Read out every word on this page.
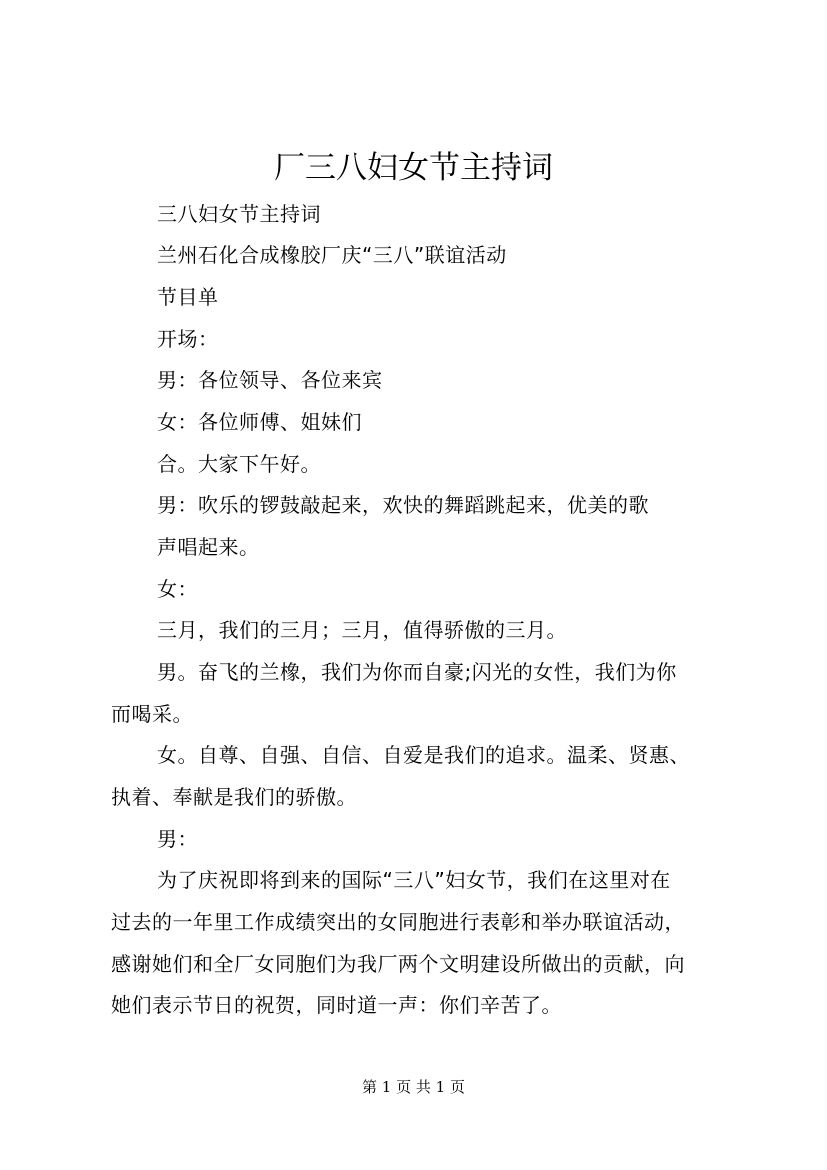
厂三八妇女节主持词
三八妇女节主持词
兰州石化合成橡胶厂庆“三八”联谊活动
节目单
开场：
男：各位领导、各位来宾
女：各位师傅、姐妹们
合。大家下午好。
男：吹乐的锣鼓敲起来，欢快的舞蹈跳起来，优美的歌
声唱起来。
女：
三月，我们的三月；三月，值得骄傲的三月。
男。奋飞的兰橡，我们为你而自豪;闪光的女性，我们为你
而喝采。
女。自尊、自强、自信、自爱是我们的追求。温柔、贤惠、
执着、奉献是我们的骄傲。
男：
为了庆祝即将到来的国际“三八”妇女节，我们在这里对在
过去的一年里工作成绩突出的女同胞进行表彰和举办联谊活动，
感谢她们和全厂女同胞们为我厂两个文明建设所做出的贡献，向
她们表示节日的祝贺，同时道一声：你们辛苦了。
第 1 页 共 1 页
